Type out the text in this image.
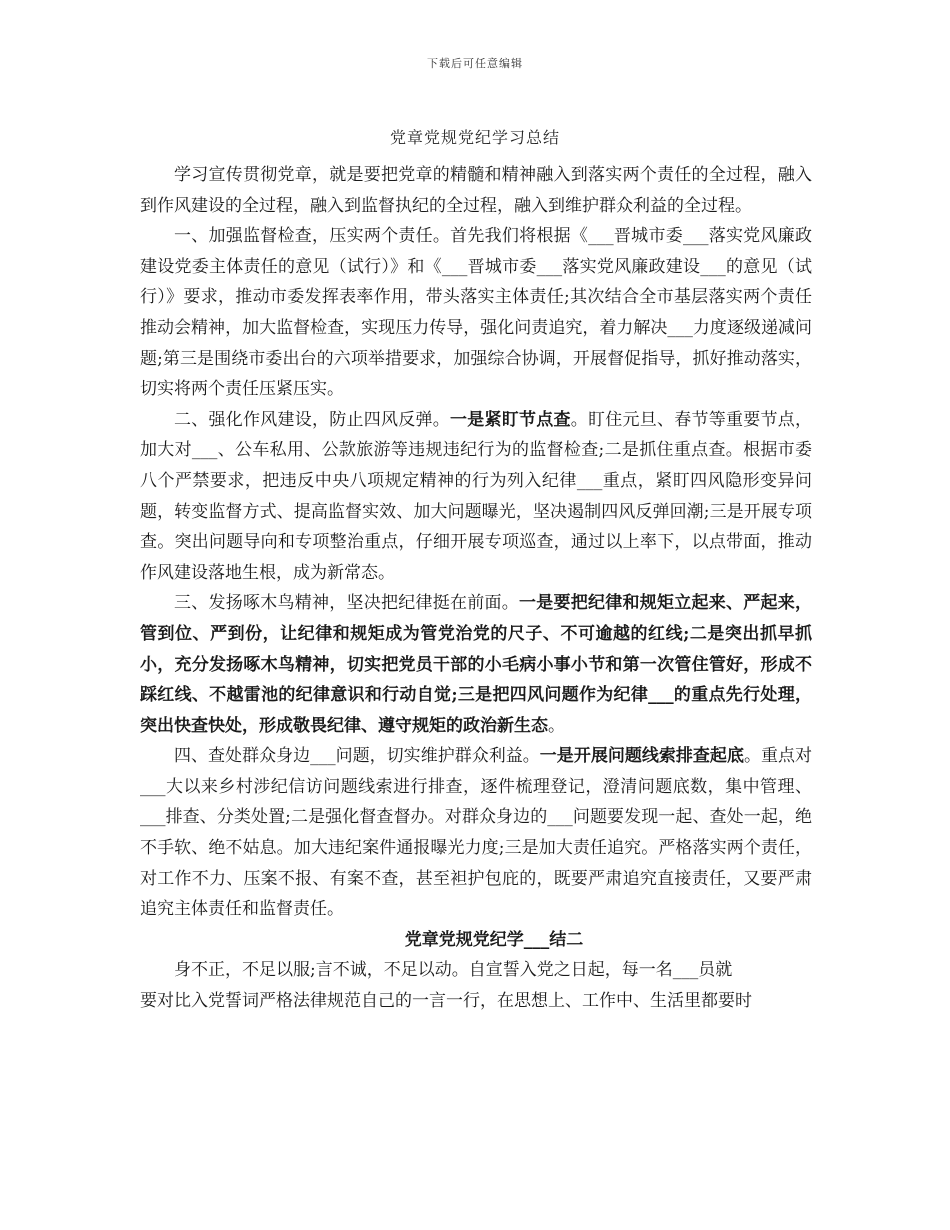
下载后可任意编辑
党章党规党纪学习总结

学习宣传贯彻党章，就是要把党章的精髓和精神融入到落实两个责任的全过程，融入到作风建设的全过程，融入到监督执纪的全过程，融入到维护群众利益的全过程。

一、加强监督检查，压实两个责任。首先我们将根据《___晋城市委___落实党风廉政建设党委主体责任的意见（试行）》和《___晋城市委___落实党风廉政建设___的意见（试行）》要求，推动市委发挥表率作用，带头落实主体责任;其次结合全市基层落实两个责任推动会精神，加大监督检查，实现压力传导，强化问责追究，着力解决___力度逐级递减问题;第三是围绕市委出台的六项举措要求，加强综合协调，开展督促指导，抓好推动落实，切实将两个责任压紧压实。

二、强化作风建设，防止四风反弹。一是紧盯节点查。盯住元旦、春节等重要节点，加大对___、公车私用、公款旅游等违规违纪行为的监督检查;二是抓住重点查。根据市委八个严禁要求，把违反中央八项规定精神的行为列入纪律___重点，紧盯四风隐形变异问题，转变监督方式、提高监督实效、加大问题曝光，坚决遏制四风反弹回潮;三是开展专项查。突出问题导向和专项整治重点，仔细开展专项巡查，通过以上率下，以点带面，推动作风建设落地生根，成为新常态。

三、发扬啄木鸟精神，坚决把纪律挺在前面。一是要把纪律和规矩立起来、严起来，管到位、严到份，让纪律和规矩成为管党治党的尺子、不可逾越的红线;二是突出抓早抓小，充分发扬啄木鸟精神，切实把党员干部的小毛病小事小节和第一次管住管好，形成不踩红线、不越雷池的纪律意识和行动自觉;三是把四风问题作为纪律___的重点先行处理，突出快查快处，形成敬畏纪律、遵守规矩的政治新生态。

四、查处群众身边___问题，切实维护群众利益。一是开展问题线索排查起底。重点对___大以来乡村涉纪信访问题线索进行排查，逐件梳理登记，澄清问题底数，集中管理、___排查、分类处置;二是强化督查督办。对群众身边的___问题要发现一起、查处一起，绝不手软、绝不姑息。加大违纪案件通报曝光力度;三是加大责任追究。严格落实两个责任，对工作不力、压案不报、有案不查，甚至袒护包庇的，既要严肃追究直接责任，又要严肃追究主体责任和监督责任。

党章党规党纪学___结二

身不正，不足以服;言不诚，不足以动。自宣誓入党之日起，每一名___员就

要对比入党誓词严格法律规范自己的一言一行，在思想上、工作中、生活里都要时
